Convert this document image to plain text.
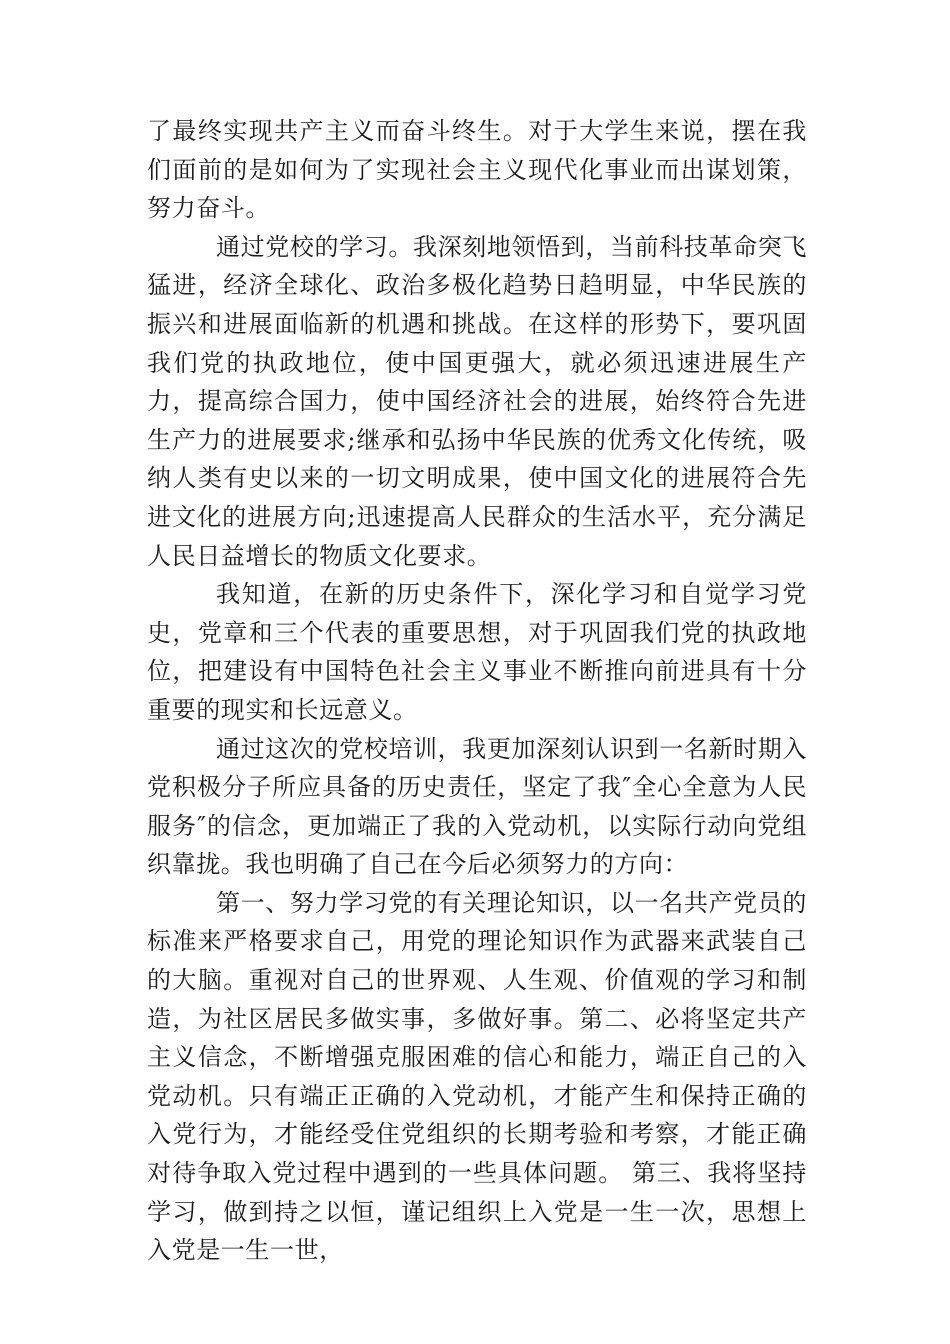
了最终实现共产主义而奋斗终生。对于大学生来说，摆在我们面前的是如何为了实现社会主义现代化事业而出谋划策，努力奋斗。

通过党校的学习。我深刻地领悟到，当前科技革命突飞猛进，经济全球化、政治多极化趋势日趋明显，中华民族的振兴和进展面临新的机遇和挑战。在这样的形势下，要巩固我们党的执政地位，使中国更强大，就必须迅速进展生产力，提高综合国力，使中国经济社会的进展，始终符合先进生产力的进展要求;继承和弘扬中华民族的优秀文化传统，吸纳人类有史以来的一切文明成果，使中国文化的进展符合先进文化的进展方向;迅速提高人民群众的生活水平，充分满足人民日益增长的物质文化要求。

我知道，在新的历史条件下，深化学习和自觉学习党史，党章和三个代表的重要思想，对于巩固我们党的执政地位，把建设有中国特色社会主义事业不断推向前进具有十分重要的现实和长远意义。

通过这次的党校培训，我更加深刻认识到一名新时期入党积极分子所应具备的历史责任，坚定了我″全心全意为人民服务″的信念，更加端正了我的入党动机，以实际行动向党组织靠拢。我也明确了自己在今后必须努力的方向：

第一、努力学习党的有关理论知识，以一名共产党员的标准来严格要求自己，用党的理论知识作为武器来武装自己的大脑。重视对自己的世界观、人生观、价值观的学习和制造，为社区居民多做实事，多做好事。第二、必将坚定共产主义信念，不断增强克服困难的信心和能力，端正自己的入党动机。只有端正正确的入党动机，才能产生和保持正确的入党行为，才能经受住党组织的长期考验和考察，才能正确对待争取入党过程中遇到的一些具体问题。 第三、我将坚持学习，做到持之以恒，谨记组织上入党是一生一次，思想上入党是一生一世，
